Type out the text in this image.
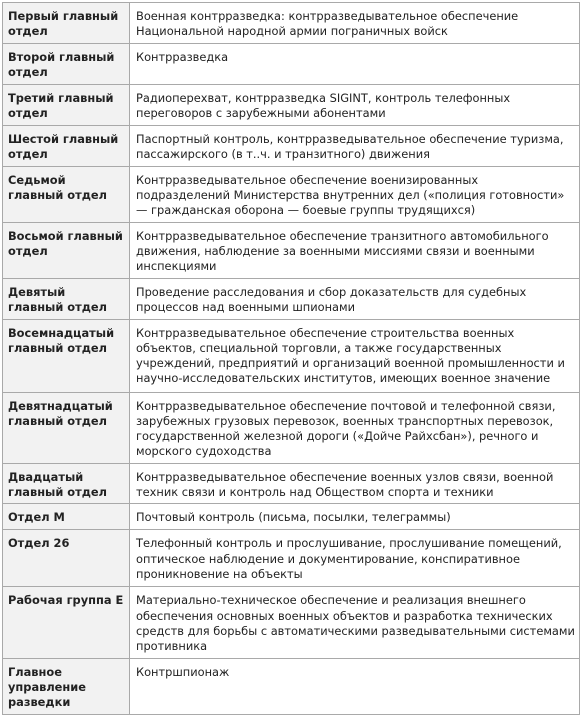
Первый главный отдел	Военная контрразведка: контрразведывательное обеспечение Национальной народной армии пограничных войск
Второй главный отдел	Контрразведка
Третий главный отдел	Радиоперехват, контрразведка SIGINT, контроль телефонных переговоров с зарубежными абонентами
Шестой главный отдел	Паспортный контроль, контрразведывательное обеспечение туризма, пассажирского (в т..ч. и транзитного) движения
Седьмой главный отдел	Контрразведывательное обеспечение военизированных подразделений Министерства внутренних дел («полиция готовности» — гражданская оборона — боевые группы трудящихся)
Восьмой главный отдел	Контрразведывательное обеспечение транзитного автомобильного движения, наблюдение за военными миссиями связи и военными инспекциями
Девятый главный отдел	Проведение расследования и сбор доказательств для судебных процессов над военными шпионами
Восемнадцатый главный отдел	Контрразведывательное обеспечение строительства военных объектов, специальной торговли, а также государственных учреждений, предприятий и организаций военной промышленности и научно-исследовательских институтов, имеющих военное значение
Девятнадцатый главный отдел	Контрразведывательное обеспечение почтовой и телефонной связи, зарубежных грузовых перевозок, военных транспортных перевозок, государственной железной дороги («Дойче Райхсбан»), речного и морского судоходства
Двадцатый главный отдел	Контрразведывательное обеспечение военных узлов связи, военной техник связи и контроль над Обществом спорта и техники
Отдел М	Почтовый контроль (письма, посылки, телеграммы)
Отдел 26	Телефонный контроль и прослушивание, прослушивание помещений, оптическое наблюдение и документирование, конспиративное проникновение на объекты
Рабочая группа Е	Материально-техническое обеспечение и реализация внешнего обеспечения основных военных объектов и разработка технических средств для борьбы с автоматическими разведывательными системами противника
Главное управление разведки	Контршпионаж
